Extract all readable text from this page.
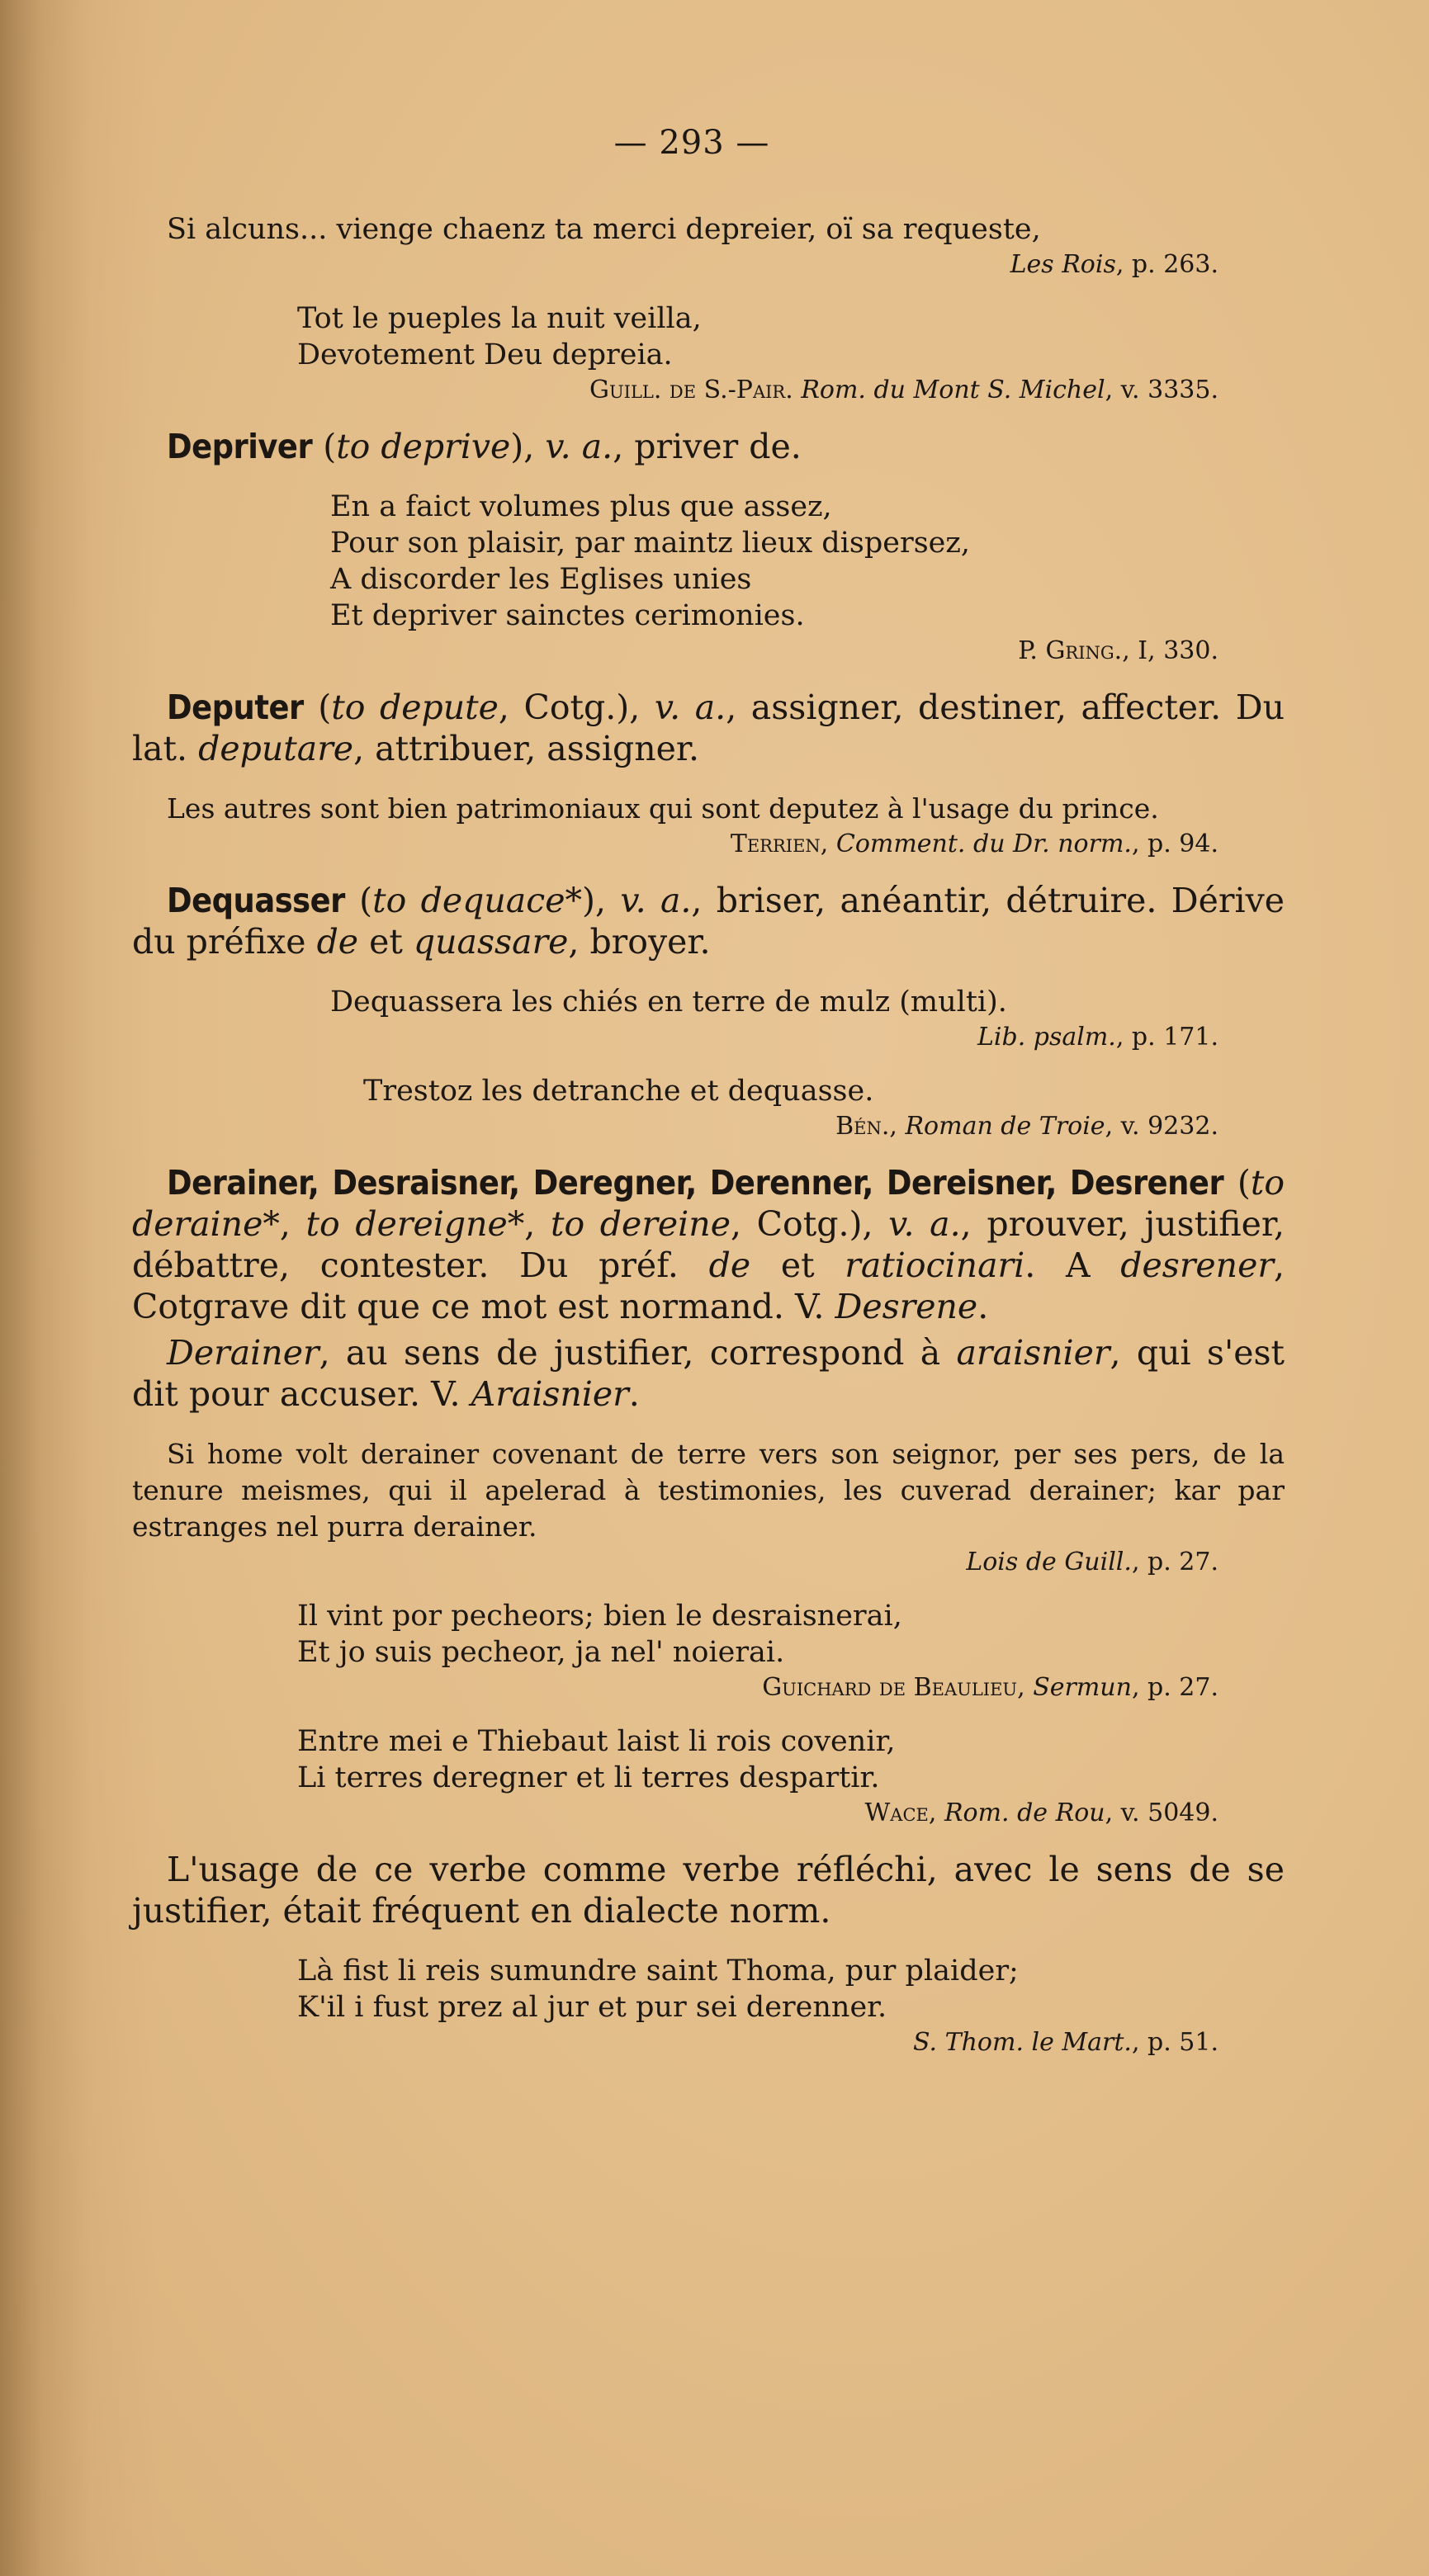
— 293 —

Si alcuns... vienge chaenz ta merci depreier, oï sa requeste,

Les Rois, p. 263.
Tot le pueples la nuit veilla,
Devotement Deu depreia.
Guill. de S.-Pair. Rom. du Mont S. Michel, v. 3335.

Depriver (to deprive), v. a., priver de.

En a faict volumes plus que assez,
Pour son plaisir, par maintz lieux dispersez,
A discorder les Eglises unies
Et depriver sainctes cerimonies.
P. Gring., I, 330.

Deputer (to depute, Cotg.), v. a., assigner, destiner, affecter. Du lat. deputare, attribuer, assigner.

Les autres sont bien patrimoniaux qui sont deputez à l'usage du prince.

Terrien, Comment. du Dr. norm., p. 94.

Dequasser (to dequace*), v. a., briser, anéantir, détruire. Dérive du préfixe de et quassare, broyer.

Dequassera les chiés en terre de mulz (multi).
Lib. psalm., p. 171.
Trestoz les detranche et dequasse.
Bén., Roman de Troie, v. 9232.

Derainer, Desraisner, Deregner, Derenner, Dereisner, Desrener (to deraine*, to dereigne*, to dereine, Cotg.), v. a., prouver, justifier, débattre, contester. Du préf. de et ratiocinari. A desrener, Cotgrave dit que ce mot est normand. V. Desrene.

Derainer, au sens de justifier, correspond à araisnier, qui s'est dit pour accuser. V. Araisnier.

Si home volt derainer covenant de terre vers son seignor, per ses pers, de la tenure meismes, qui il apelerad à testimonies, les cuverad derainer; kar par estranges nel purra derainer.

Lois de Guill., p. 27.
Il vint por pecheors; bien le desraisnerai,
Et jo suis pecheor, ja nel' noierai.
Guichard de Beaulieu, Sermun, p. 27.
Entre mei e Thiebaut laist li rois covenir,
Li terres deregner et li terres despartir.
Wace, Rom. de Rou, v. 5049.

L'usage de ce verbe comme verbe réfléchi, avec le sens de se justifier, était fréquent en dialecte norm.

Là fist li reis sumundre saint Thoma, pur plaider;
K'il i fust prez al jur et pur sei derenner.
S. Thom. le Mart., p. 51.
